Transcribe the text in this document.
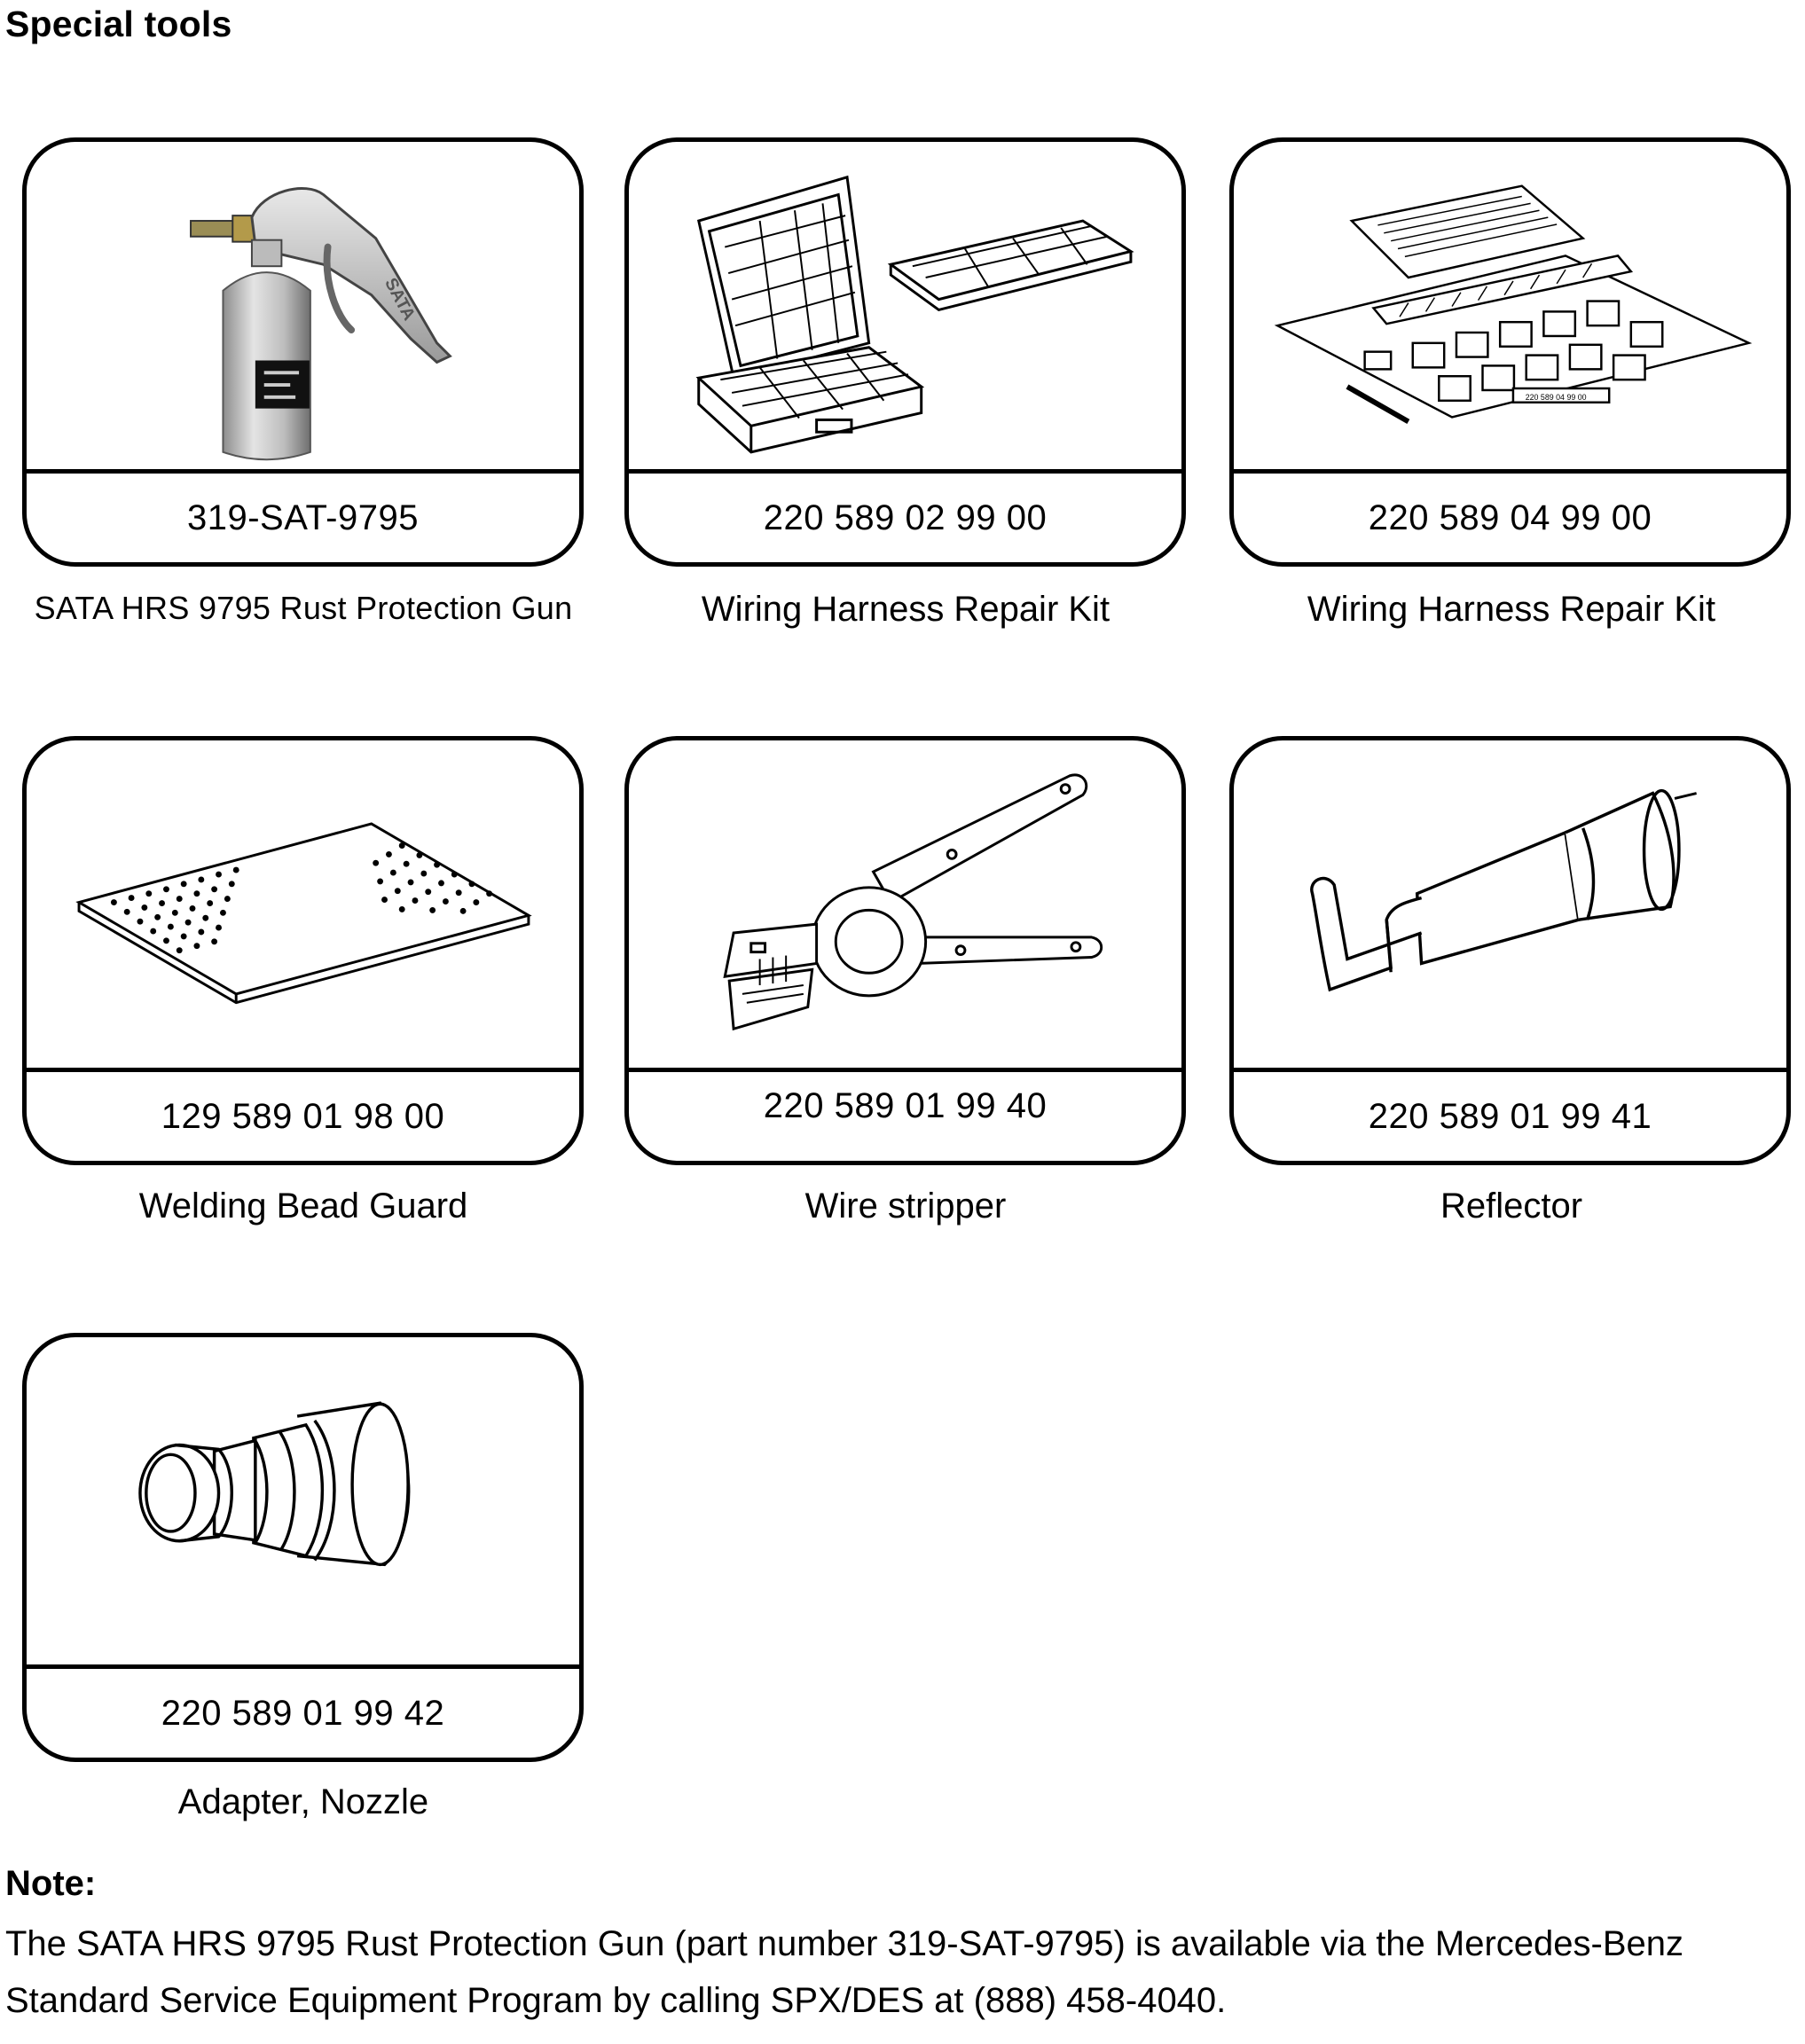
Special tools
SATA
319-SAT-9795
SATA HRS 9795 Rust Protection Gun
220 589 02 99 00
Wiring Harness Repair Kit
220 589 04 99 00
220 589 04 99 00
Wiring Harness Repair Kit
129 589 01 98 00
Welding Bead Guard
220 589 01 99 40
Wire stripper
220 589 01 99 41
Reflector
220 589 01 99 42
Adapter, Nozzle
Note:
The SATA HRS 9795 Rust Protection Gun (part number 319-SAT-9795) is available via the Mercedes-Benz Standard Service Equipment Program by calling SPX/DES at (888) 458-4040.
